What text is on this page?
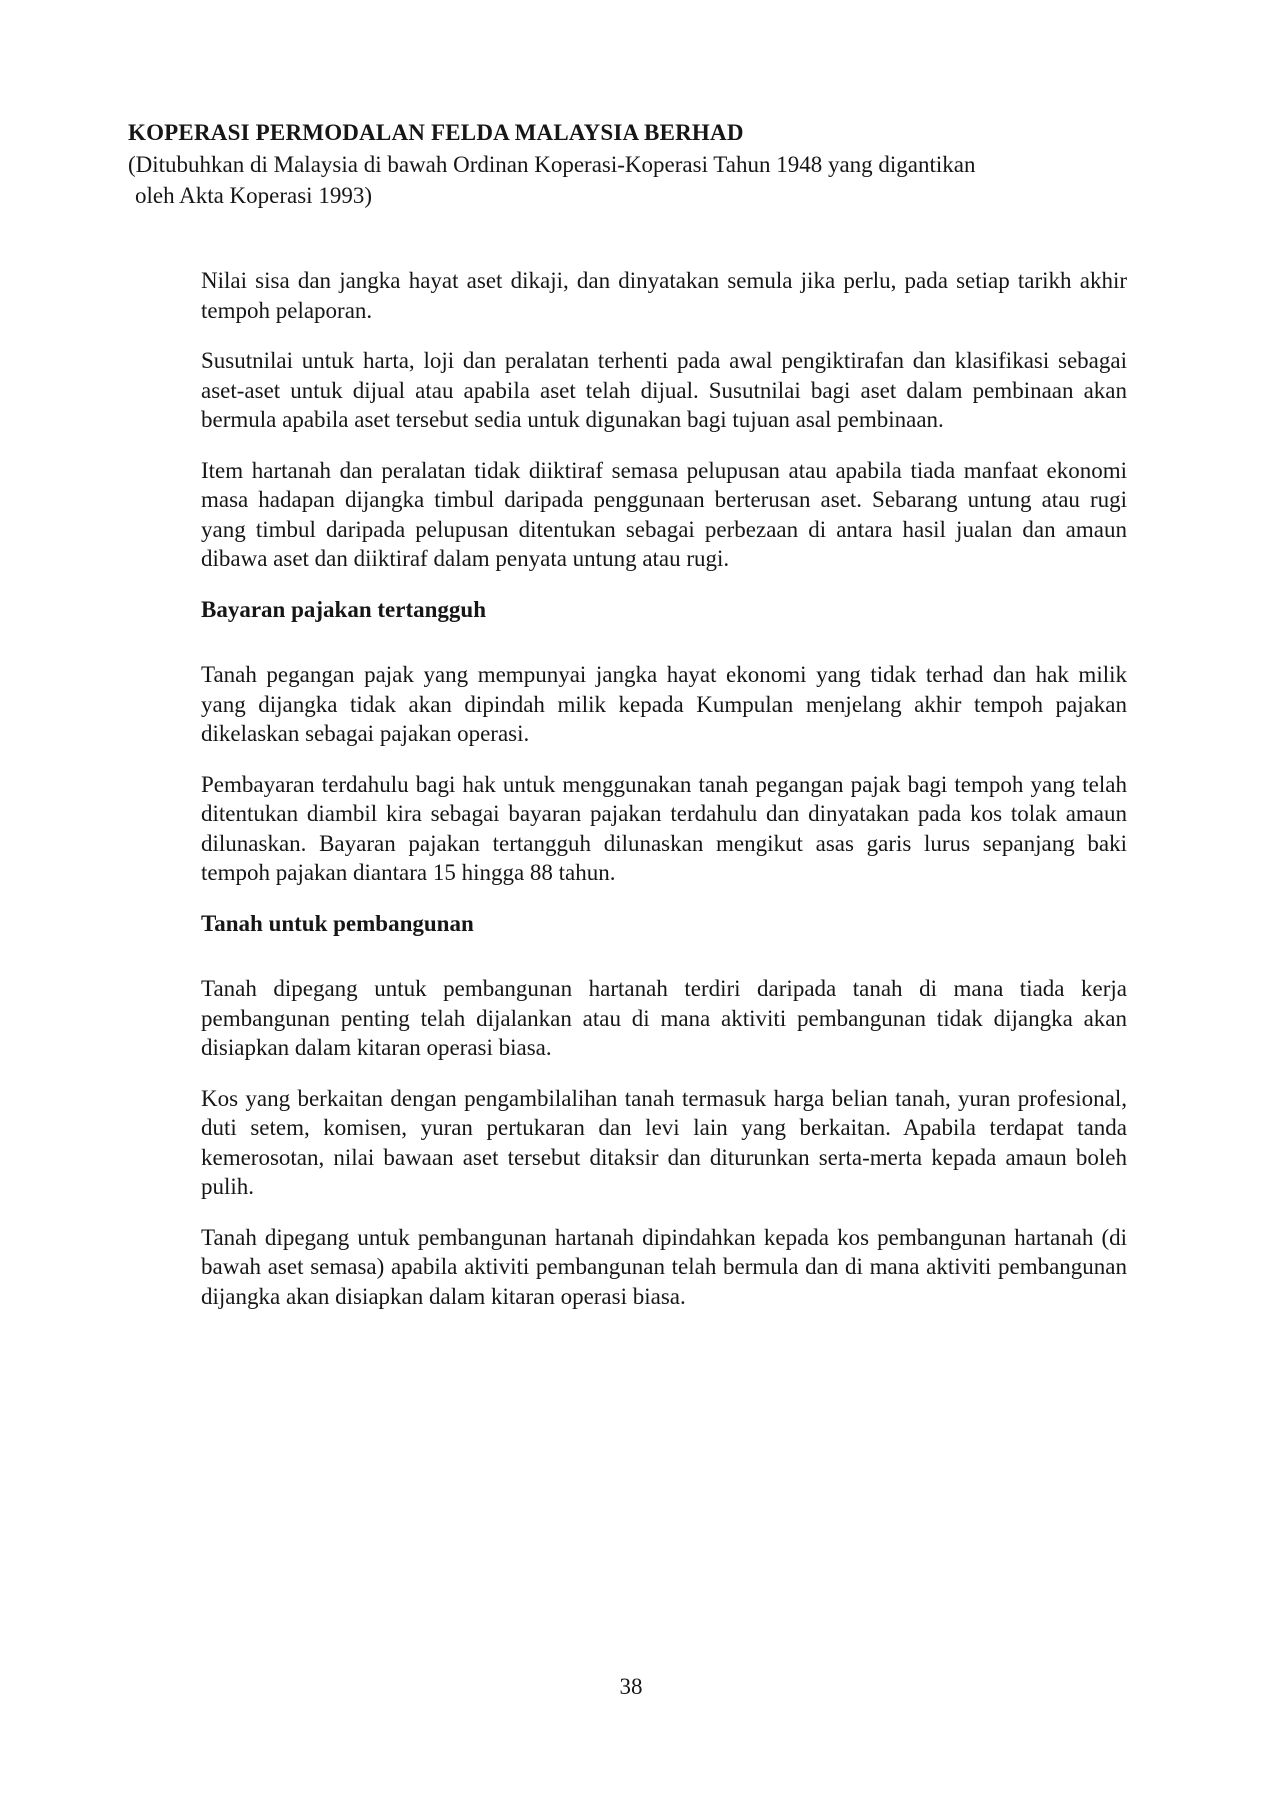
KOPERASI PERMODALAN FELDA MALAYSIA BERHAD
(Ditubuhkan di Malaysia di bawah Ordinan Koperasi-Koperasi Tahun 1948 yang digantikan
oleh Akta Koperasi 1993)

Nilai sisa dan jangka hayat aset dikaji, dan dinyatakan semula jika perlu, pada setiap tarikh akhir tempoh pelaporan.

Susutnilai untuk harta, loji dan peralatan terhenti pada awal pengiktirafan dan klasifikasi sebagai aset-aset untuk dijual atau apabila aset telah dijual. Susutnilai bagi aset dalam pembinaan akan bermula apabila aset tersebut sedia untuk digunakan bagi tujuan asal pembinaan.

Item hartanah dan peralatan tidak diiktiraf semasa pelupusan atau apabila tiada manfaat ekonomi masa hadapan dijangka timbul daripada penggunaan berterusan aset. Sebarang untung atau rugi yang timbul daripada pelupusan ditentukan sebagai perbezaan di antara hasil jualan dan amaun dibawa aset dan diiktiraf dalam penyata untung atau rugi.

Bayaran pajakan tertangguh

Tanah pegangan pajak yang mempunyai jangka hayat ekonomi yang tidak terhad dan hak milik yang dijangka tidak akan dipindah milik kepada Kumpulan menjelang akhir tempoh pajakan dikelaskan sebagai pajakan operasi.

Pembayaran terdahulu bagi hak untuk menggunakan tanah pegangan pajak bagi tempoh yang telah ditentukan diambil kira sebagai bayaran pajakan terdahulu dan dinyatakan pada kos tolak amaun dilunaskan. Bayaran pajakan tertangguh dilunaskan mengikut asas garis lurus sepanjang baki tempoh pajakan diantara 15 hingga 88 tahun.

Tanah untuk pembangunan

Tanah dipegang untuk pembangunan hartanah terdiri daripada tanah di mana tiada kerja pembangunan penting telah dijalankan atau di mana aktiviti pembangunan tidak dijangka akan disiapkan dalam kitaran operasi biasa.

Kos yang berkaitan dengan pengambilalihan tanah termasuk harga belian tanah, yuran profesional, duti setem, komisen, yuran pertukaran dan levi lain yang berkaitan. Apabila terdapat tanda kemerosotan, nilai bawaan aset tersebut ditaksir dan diturunkan serta-merta kepada amaun boleh pulih.

Tanah dipegang untuk pembangunan hartanah dipindahkan kepada kos pembangunan hartanah (di bawah aset semasa) apabila aktiviti pembangunan telah bermula dan di mana aktiviti pembangunan dijangka akan disiapkan dalam kitaran operasi biasa.

38
